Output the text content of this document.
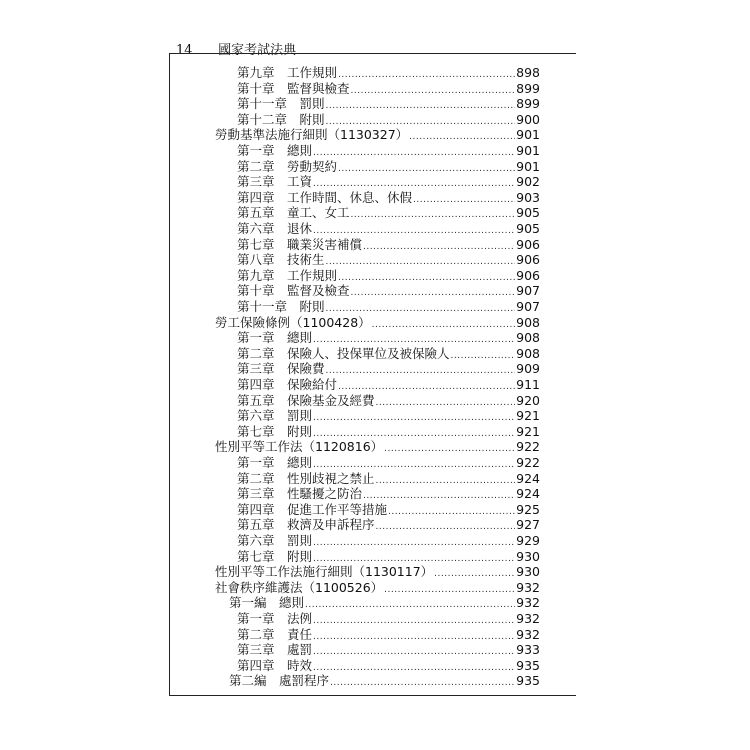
14 國家考試法典
第九章　工作規則 .....	898
第十章　監督與檢查 .....	899
第十一章　罰則 .....	899
第十二章　附則 .....	900
勞動基準法施行細則（1130327） .....	901
第一章　總則 .....	901
第二章　勞動契約 .....	901
第三章　工資 .....	902
第四章　工作時間、休息、休假 .....	903
第五章　童工、女工 .....	905
第六章　退休 .....	905
第七章　職業災害補償 .....	906
第八章　技術生 .....	906
第九章　工作規則 .....	906
第十章　監督及檢查 .....	907
第十一章　附則 .....	907
勞工保險條例（1100428） .....	908
第一章　總則 .....	908
第二章　保險人、投保單位及被保險人 .....	908
第三章　保險費 .....	909
第四章　保險給付 .....	911
第五章　保險基金及經費 .....	920
第六章　罰則 .....	921
第七章　附則 .....	921
性別平等工作法（1120816） .....	922
第一章　總則 .....	922
第二章　性別歧視之禁止 .....	924
第三章　性騷擾之防治 .....	924
第四章　促進工作平等措施 .....	925
第五章　救濟及申訴程序 .....	927
第六章　罰則 .....	929
第七章　附則 .....	930
性別平等工作法施行細則（1130117） .....	930
社會秩序維護法（1100526） .....	932
第一編　總則 .....	932
第一章　法例 .....	932
第二章　責任 .....	932
第三章　處罰 .....	933
第四章　時效 .....	935
第二編　處罰程序 .....	935
